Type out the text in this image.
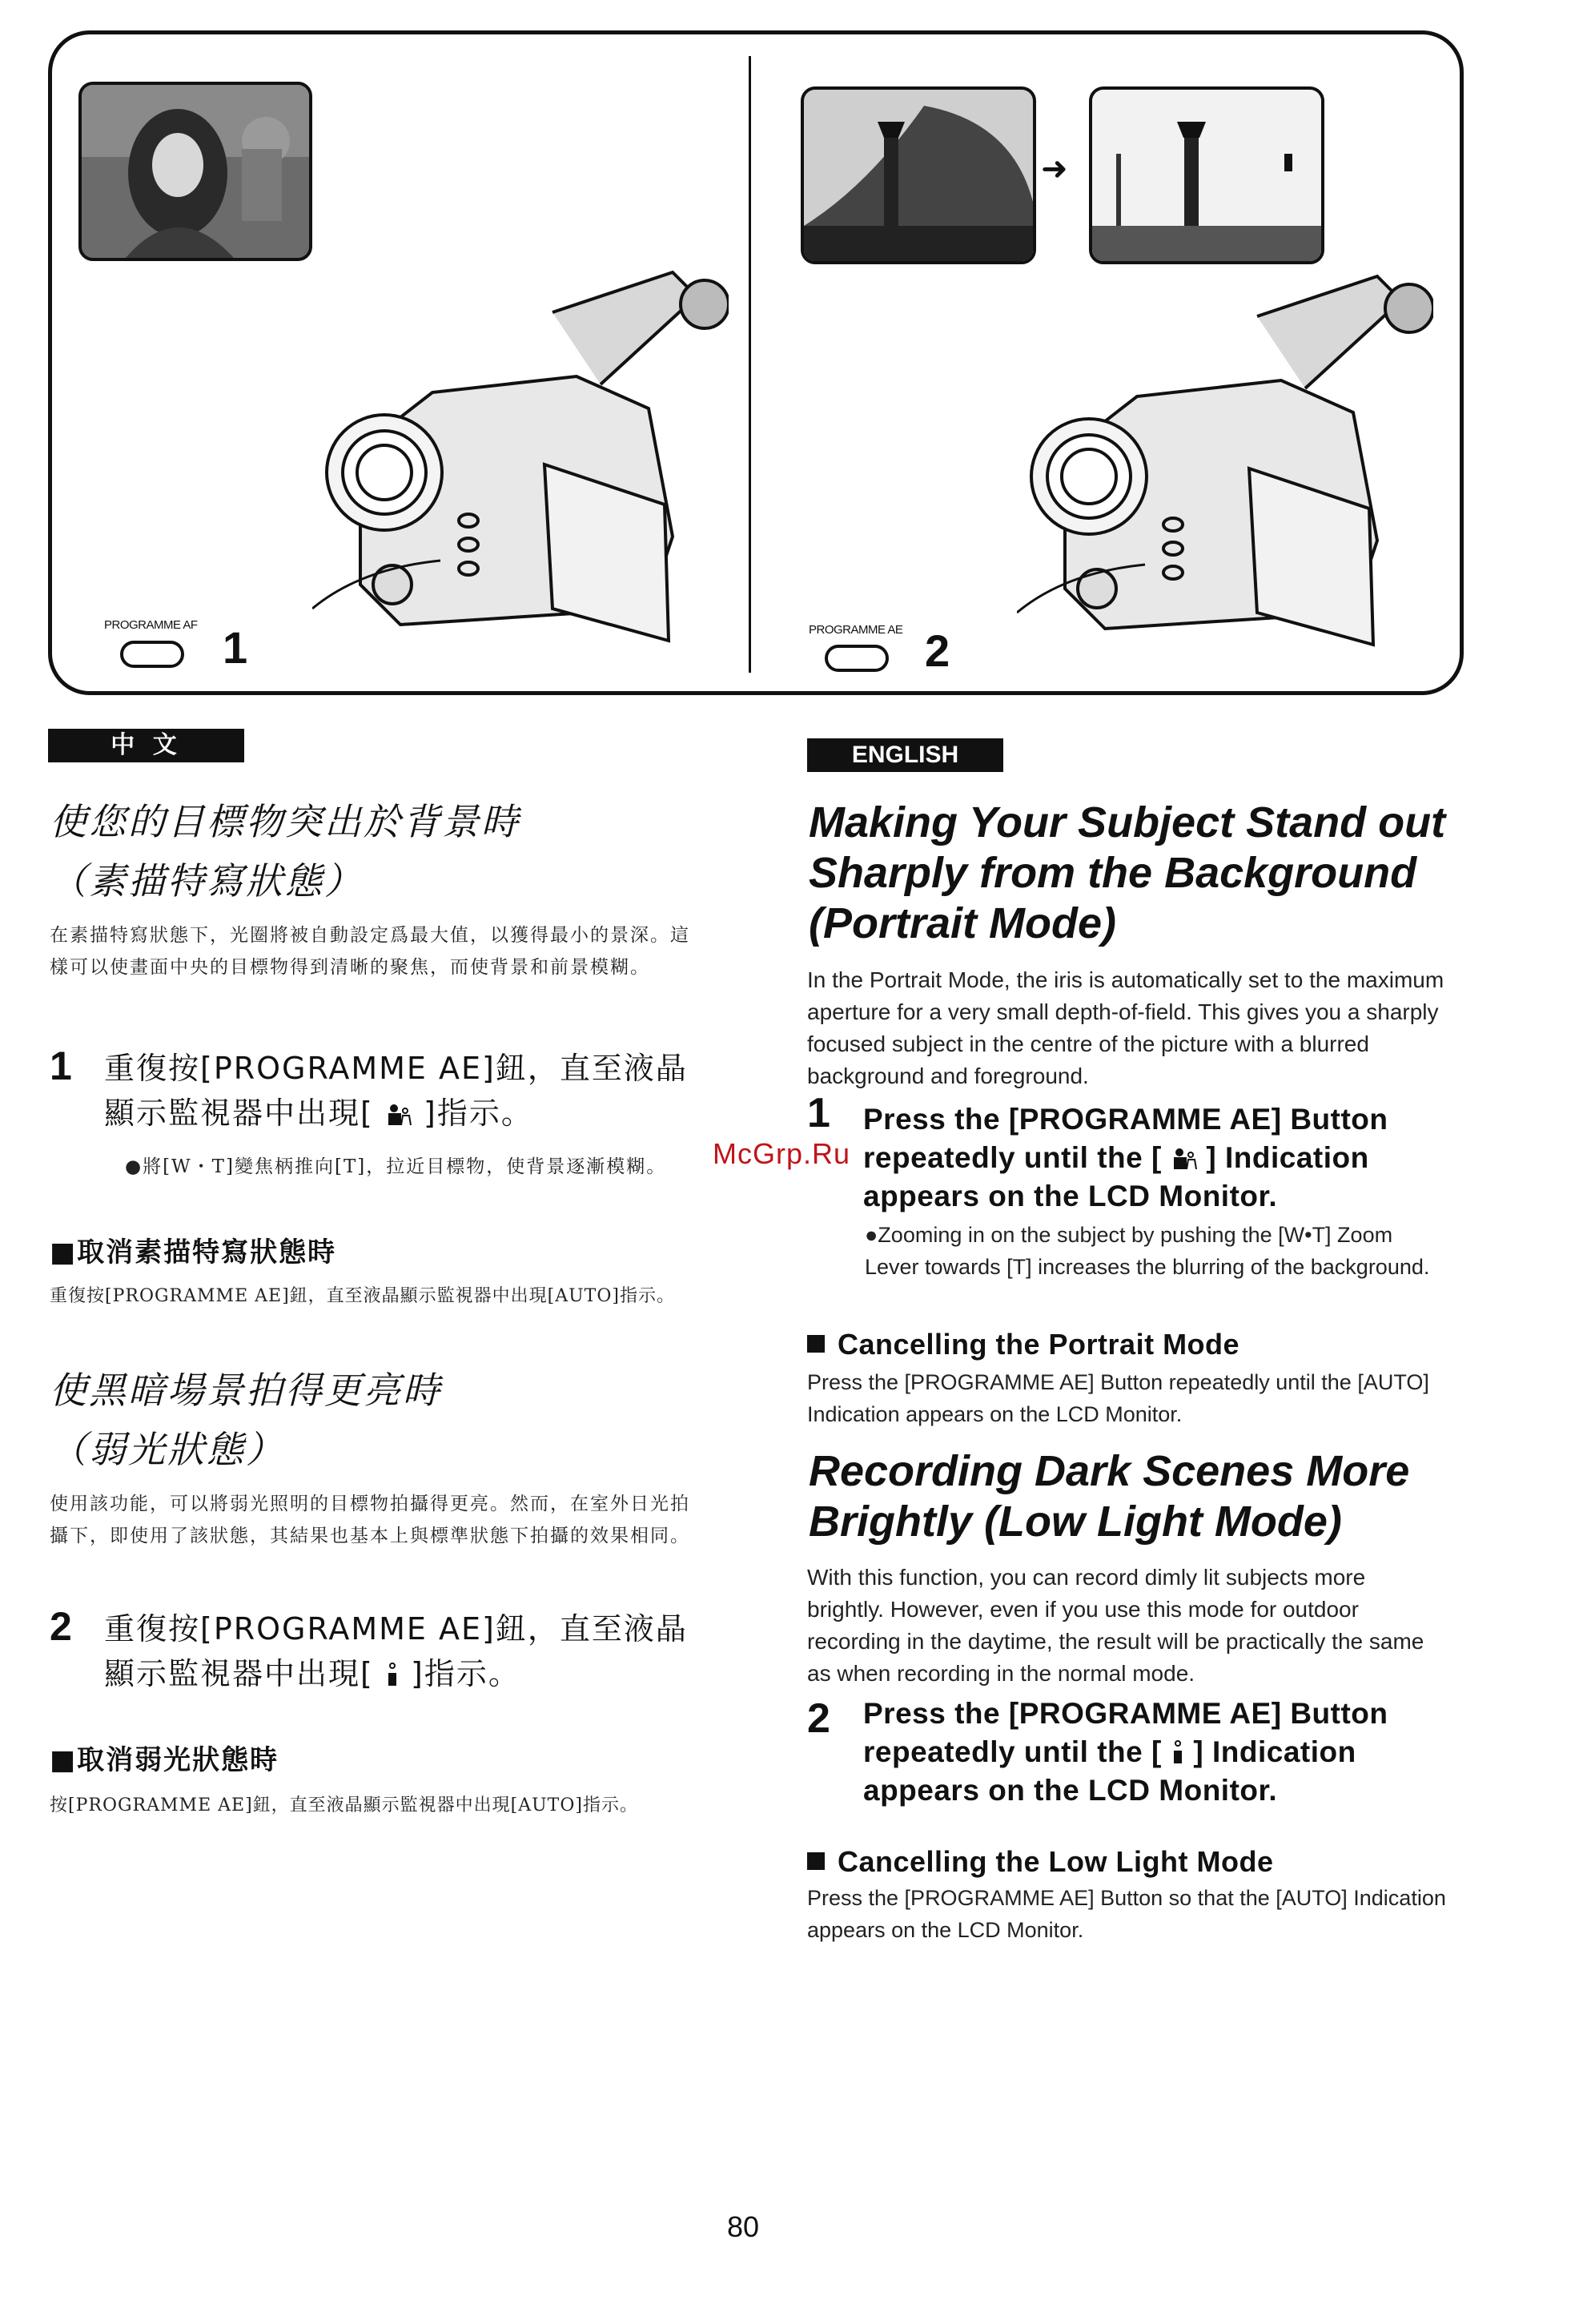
PROGRAMME AF 1
➜
PROGRAMME AE 2
中 文
使您的目標物突出於背景時
（素描特寫狀態）
在素描特寫狀態下，光圈將被自動設定爲最大值，以獲得最小的景深。這樣可以使畫面中央的目標物得到清晰的聚焦，而使背景和前景模糊。
1 重復按[PROGRAMME AE]鈕，直至液晶顯示監視器中出現[ ]指示。
●將[W・T]變焦柄推向[T]，拉近目標物，使背景逐漸模糊。
■取消素描特寫狀態時
重復按[PROGRAMME AE]鈕，直至液晶顯示監視器中出現[AUTO]指示。
使黑暗場景拍得更亮時
（弱光狀態）
使用該功能，可以將弱光照明的目標物拍攝得更亮。然而，在室外日光拍攝下，即使用了該狀態，其結果也基本上與標準狀態下拍攝的效果相同。
2 重復按[PROGRAMME AE]鈕，直至液晶顯示監視器中出現[ ]指示。
■取消弱光狀態時
按[PROGRAMME AE]鈕，直至液晶顯示監視器中出現[AUTO]指示。
ENGLISH
Making Your Subject Stand out Sharply from the Background (Portrait Mode)
In the Portrait Mode, the iris is automatically set to the maximum aperture for a very small depth-of-field. This gives you a sharply focused subject in the centre of the picture with a blurred background and foreground.
1 Press the [PROGRAMME AE] Button repeatedly until the [ ] Indication appears on the LCD Monitor.
●Zooming in on the subject by pushing the [W•T] Zoom Lever towards [T] increases the blurring of the background.
Cancelling the Portrait Mode
Press the [PROGRAMME AE] Button repeatedly until the [AUTO] Indication appears on the LCD Monitor.
Recording Dark Scenes More Brightly (Low Light Mode)
With this function, you can record dimly lit subjects more brightly. However, even if you use this mode for outdoor recording in the daytime, the result will be practically the same as when recording in the normal mode.
2 Press the [PROGRAMME AE] Button repeatedly until the [ ] Indication appears on the LCD Monitor.
Cancelling the Low Light Mode
Press the [PROGRAMME AE] Button so that the [AUTO] Indication appears on the LCD Monitor.
McGrp.Ru
80
